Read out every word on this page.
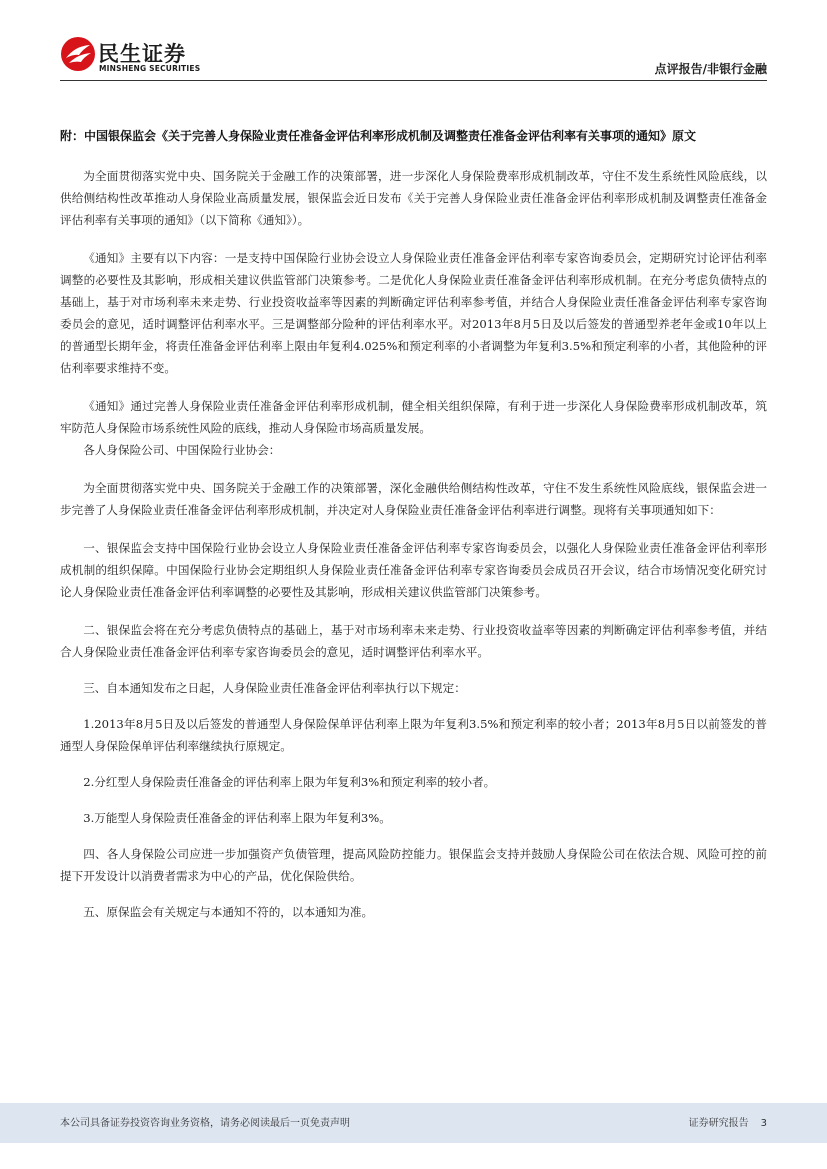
民生证券
MINSHENG SECURITIES	点评报告/非银行金融

附：中国银保监会《关于完善人身保险业责任准备金评估利率形成机制及调整责任准备金评估利率有关事项的通知》原文

为全面贯彻落实党中央、国务院关于金融工作的决策部署，进一步深化人身保险费率形成机制改革，守住不发生系统性风险底线，以供给侧结构性改革推动人身保险业高质量发展，银保监会近日发布《关于完善人身保险业责任准备金评估利率形成机制及调整责任准备金评估利率有关事项的通知》（以下简称《通知》）。

《通知》主要有以下内容：一是支持中国保险行业协会设立人身保险业责任准备金评估利率专家咨询委员会，定期研究讨论评估利率调整的必要性及其影响，形成相关建议供监管部门决策参考。二是优化人身保险业责任准备金评估利率形成机制。在充分考虑负债特点的基础上，基于对市场利率未来走势、行业投资收益率等因素的判断确定评估利率参考值，并结合人身保险业责任准备金评估利率专家咨询委员会的意见，适时调整评估利率水平。三是调整部分险种的评估利率水平。对2013年8月5日及以后签发的普通型养老年金或10年以上的普通型长期年金，将责任准备金评估利率上限由年复利4.025%和预定利率的小者调整为年复利3.5%和预定利率的小者，其他险种的评估利率要求维持不变。

《通知》通过完善人身保险业责任准备金评估利率形成机制，健全相关组织保障，有利于进一步深化人身保险费率形成机制改革，筑牢防范人身保险市场系统性风险的底线，推动人身保险市场高质量发展。

各人身保险公司、中国保险行业协会：

为全面贯彻落实党中央、国务院关于金融工作的决策部署，深化金融供给侧结构性改革，守住不发生系统性风险底线，银保监会进一步完善了人身保险业责任准备金评估利率形成机制，并决定对人身保险业责任准备金评估利率进行调整。现将有关事项通知如下：

一、银保监会支持中国保险行业协会设立人身保险业责任准备金评估利率专家咨询委员会，以强化人身保险业责任准备金评估利率形成机制的组织保障。中国保险行业协会定期组织人身保险业责任准备金评估利率专家咨询委员会成员召开会议，结合市场情况变化研究讨论人身保险业责任准备金评估利率调整的必要性及其影响，形成相关建议供监管部门决策参考。

二、银保监会将在充分考虑负债特点的基础上，基于对市场利率未来走势、行业投资收益率等因素的判断确定评估利率参考值，并结合人身保险业责任准备金评估利率专家咨询委员会的意见，适时调整评估利率水平。

三、自本通知发布之日起，人身保险业责任准备金评估利率执行以下规定：

1.2013年8月5日及以后签发的普通型人身保险保单评估利率上限为年复利3.5%和预定利率的较小者；2013年8月5日以前签发的普通型人身保险保单评估利率继续执行原规定。

2.分红型人身保险责任准备金的评估利率上限为年复利3%和预定利率的较小者。

3.万能型人身保险责任准备金的评估利率上限为年复利3%。

四、各人身保险公司应进一步加强资产负债管理，提高风险防控能力。银保监会支持并鼓励人身保险公司在依法合规、风险可控的前提下开发设计以消费者需求为中心的产品，优化保险供给。

五、原保监会有关规定与本通知不符的，以本通知为准。

本公司具备证券投资咨询业务资格，请务必阅读最后一页免责声明	证券研究报告 3
